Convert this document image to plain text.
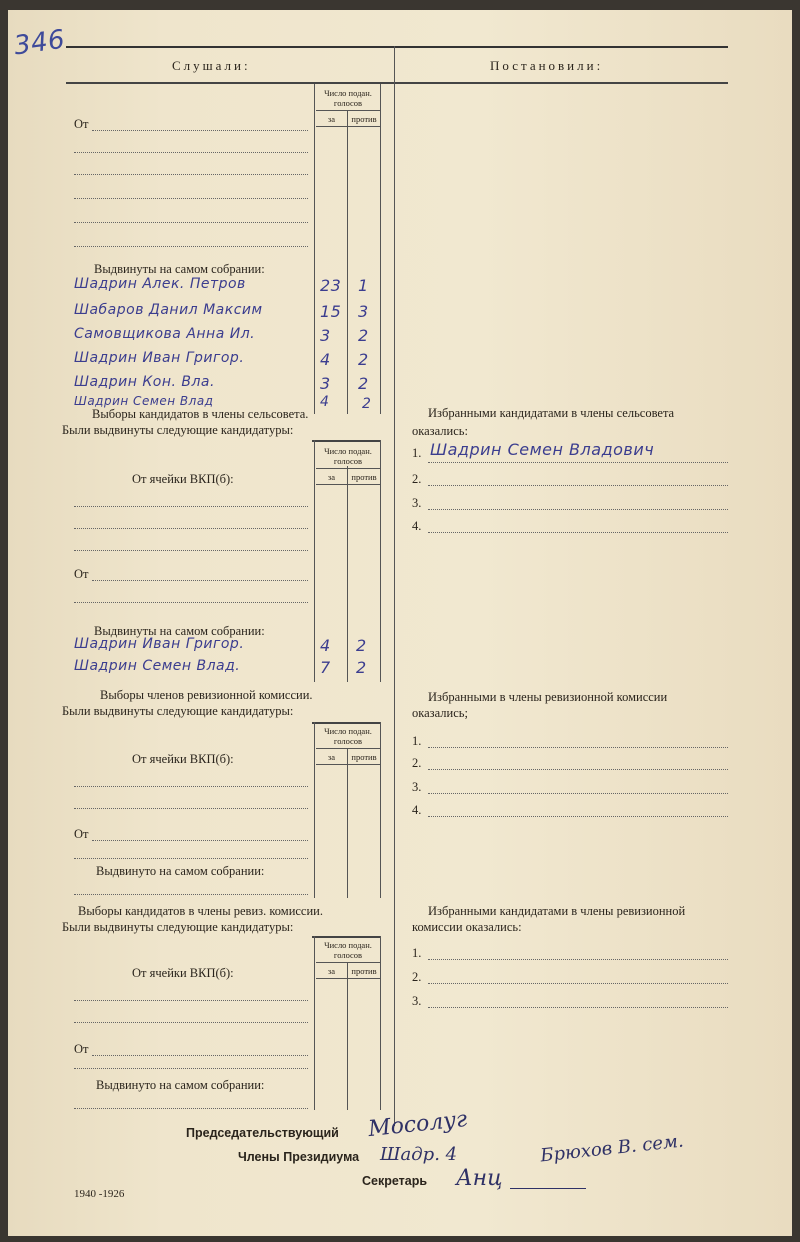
346
Слушали:	Постановили:
Число подан.
голосов
за	против
От
Выдвинуты на самом собрании:
Шадрин Алек. Петров	23 1
Шабаров Данил Максим	15 3
Самовщикова Анна Ил.	3 2
Шадрин Иван Григор.	4 2
Шадрин Кон. Вла.	3 2
Шадрин Семен Влад	4 2
Выборы кандидатов в члены сельсовета.
Были выдвинуты следующие кандидатуры:
Число подан.
голосов
за	против
От ячейки ВКП(б):
От
Выдвинуты на самом собрании:
Шадрин Иван Григор.	4 2
Шадрин Семен Влад.	7 2
Избранными кандидатами в члены сельсовета
оказались:
1. Шадрин Семен Владович
2.
3.
4.
Выборы членов ревизионной комиссии.
Были выдвинуты следующие кандидатуры:
Число подан.
голосов
за	против
От ячейки ВКП(б):
От
Выдвинуто на самом собрании:
Избранными в члены ревизионной комиссии
оказались;
1.
2.
3.
4.
Выборы кандидатов в члены ревиз. комиссии.
Были выдвинуты следующие кандидатуры:
Число подан.
голосов
за	против
От ячейки ВКП(б):
От
Выдвинуто на самом собрании:
Избранными кандидатами в члены ревизионной
комиссии оказались:
1.
2.
3.
Председательствующий
Члены Президиума
Секретарь
1940 -1926
Мосолуг
Шадр. 4	Брюхов В. сем.
Анц
